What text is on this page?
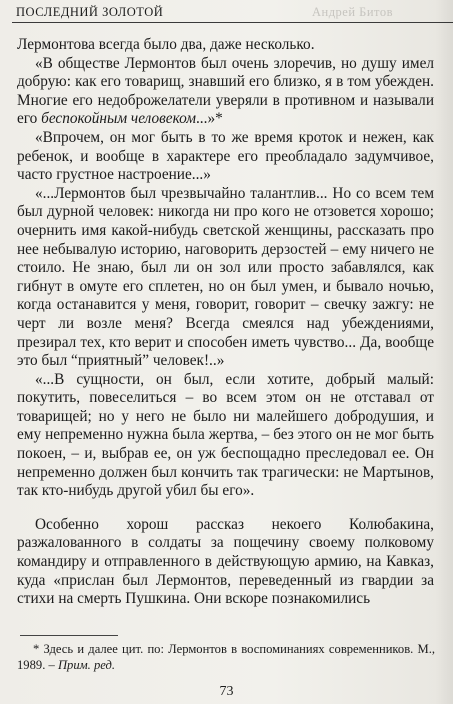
ПОСЛЕДНИЙ ЗОЛОТОЙ	Андрей Битов

Лермонтова всегда было два, даже несколько.

«В обществе Лермонтов был очень злоречив, но душу имел добрую: как его товарищ, знавший его близко, я в том убежден. Многие его недоброжелатели уверяли в противном и называли его беспокойным человеком...»*

«Впрочем, он мог быть в то же время кроток и нежен, как ребенок, и вообще в характере его преобладало задумчивое, часто грустное настроение...»

«...Лермонтов был чрезвычайно талантлив... Но со всем тем был дурной человек: никогда ни про кого не отзовется хорошо; очернить имя какой-нибудь светской женщины, рассказать про нее небывалую историю, наговорить дерзостей – ему ничего не стоило. Не знаю, был ли он зол или просто забавлялся, как гибнут в омуте его сплетен, но он был умен, и бывало ночью, когда останавится у меня, говорит, говорит – свечку зажгу: не черт ли возле меня? Всегда смеялся над убеждениями, презирал тех, кто верит и способен иметь чувство... Да, вообще это был “приятный” человек!..»

«...В сущности, он был, если хотите, добрый малый: покутить, повеселиться – во всем этом он не отставал от товарищей; но у него не было ни малейшего добродушия, и ему непременно нужна была жертва, – без этого он не мог быть покоен, – и, выбрав ее, он уж беспощадно преследовал ее. Он непременно должен был кончить так трагически: не Мартынов, так кто-нибудь другой убил бы его».

Особенно хорош рассказ некоего Колюбакина, разжалованного в солдаты за пощечину своему полковому командиру и отправленного в действующую армию, на Кавказ, куда «прислан был Лермонтов, переведенный из гвардии за стихи на смерть Пушкина. Они вскоре познакомились

* Здесь и далее цит. по: Лермонтов в воспоминаниях современников. М., 1989. – Прим. ред.

73
